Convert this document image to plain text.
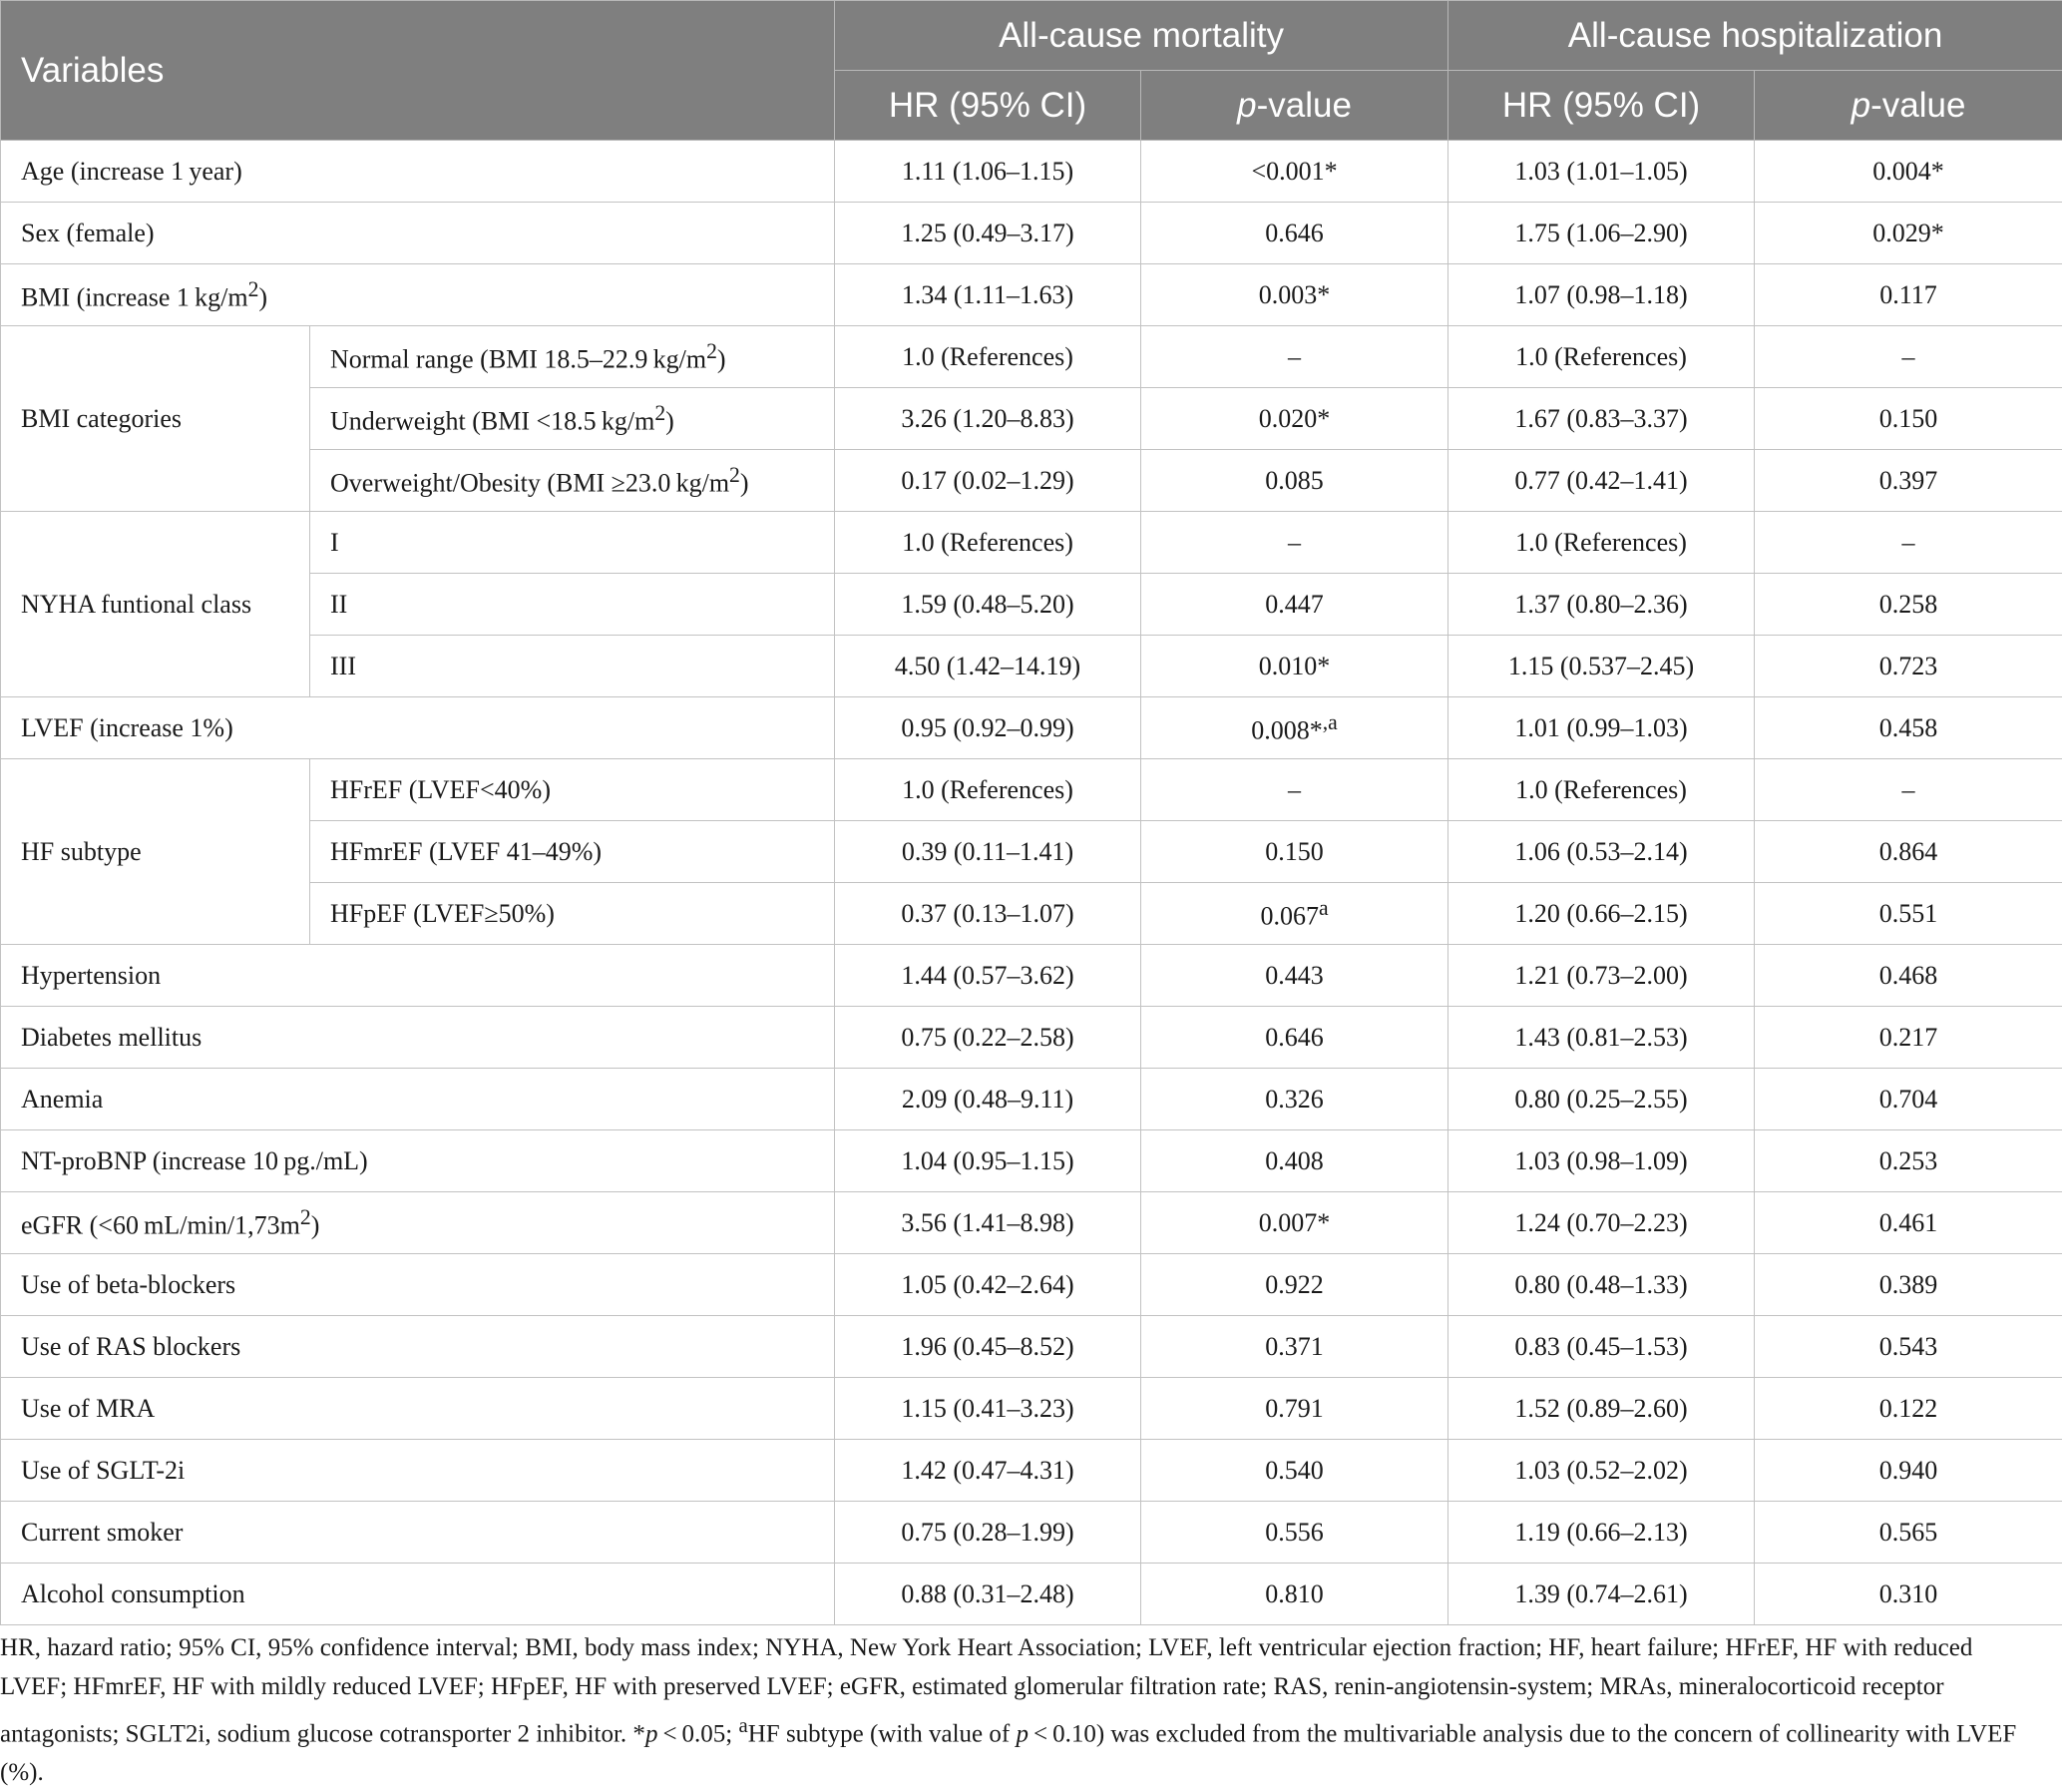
Variables		All-cause mortality		All-cause hospitalization	
		HR (95% CI)	p-value	HR (95% CI)	p-value
Age (increase 1 year)		1.11 (1.06–1.15)	<0.001*	1.03 (1.01–1.05)	0.004*
Sex (female)		1.25 (0.49–3.17)	0.646	1.75 (1.06–2.90)	0.029*
BMI (increase 1 $kg/m^2$)		1.34 (1.11–1.63)	0.003*	1.07 (0.98–1.18)	0.117
BMI categories	Normal range (BMI 18.5–22.9 $kg/m^2$)	1.0 (References)	–	1.0 (References)	–
	Underweight (BMI <18.5 $kg/m^2$)	3.26 (1.20–8.83)	0.020*	1.67 (0.83–3.37)	0.150
	Overweight/Obesity (BMI ≥23.0 $kg/m^2$)	0.17 (0.02–1.29)	0.085	0.77 (0.42–1.41)	0.397
NYHA funtional class	I	1.0 (References)	–	1.0 (References)	–
	II	1.59 (0.48–5.20)	0.447	1.37 (0.80–2.36)	0.258
	III	4.50 (1.42–14.19)	0.010*	1.15 (0.537–2.45)	0.723
LVEF (increase 1%)		0.95 (0.92–0.99)	0.008*$^{,a}$	1.01 (0.99–1.03)	0.458
HF subtype	HFrEF (LVEF<40%)	1.0 (References)	–	1.0 (References)	–
	HFmrEF (LVEF 41–49%)	0.39 (0.11–1.41)	0.150	1.06 (0.53–2.14)	0.864
	HFpEF (LVEF≥50%)	0.37 (0.13–1.07)	0.067$^a$	1.20 (0.66–2.15)	0.551
Hypertension		1.44 (0.57–3.62)	0.443	1.21 (0.73–2.00)	0.468
Diabetes mellitus		0.75 (0.22–2.58)	0.646	1.43 (0.81–2.53)	0.217
Anemia		2.09 (0.48–9.11)	0.326	0.80 (0.25–2.55)	0.704
NT-proBNP (increase 10 pg./mL)		1.04 (0.95–1.15)	0.408	1.03 (0.98–1.09)	0.253
eGFR (<60 $mL/\min/1,73m^2$)		3.56 (1.41–8.98)	0.007*	1.24 (0.70–2.23)	0.461
Use of beta-blockers		1.05 (0.42–2.64)	0.922	0.80 (0.48–1.33)	0.389
Use of RAS blockers		1.96 (0.45–8.52)	0.371	0.83 (0.45–1.53)	0.543
Use of MRA		1.15 (0.41–3.23)	0.791	1.52 (0.89–2.60)	0.122
Use of SGLT-2i		1.42 (0.47–4.31)	0.540	1.03 (0.52–2.02)	0.940
Current smoker		0.75 (0.28–1.99)	0.556	1.19 (0.66–2.13)	0.565
Alcohol consumption		0.88 (0.31–2.48)	0.810	1.39 (0.74–2.61)	0.310
HR, hazard ratio; 95% CI, 95% confidence interval; BMI, body mass index; NYHA, New York Heart Association; LVEF, left ventricular ejection fraction; HF, heart failure; HFrEF, HF with reduced LVEF; HFmrEF, HF with mildly reduced LVEF; HFpEF, HF with preserved LVEF; eGFR, estimated glomerular filtration rate; RAS, renin-angiotensin-system; MRAs, mineralocorticoid receptor antagonists; SGLT2i, sodium glucose cotransporter 2 inhibitor. *p < 0.05; $^a$HF subtype (with value of p < 0.10) was excluded from the multivariable analysis due to the concern of collinearity with LVEF (%).
